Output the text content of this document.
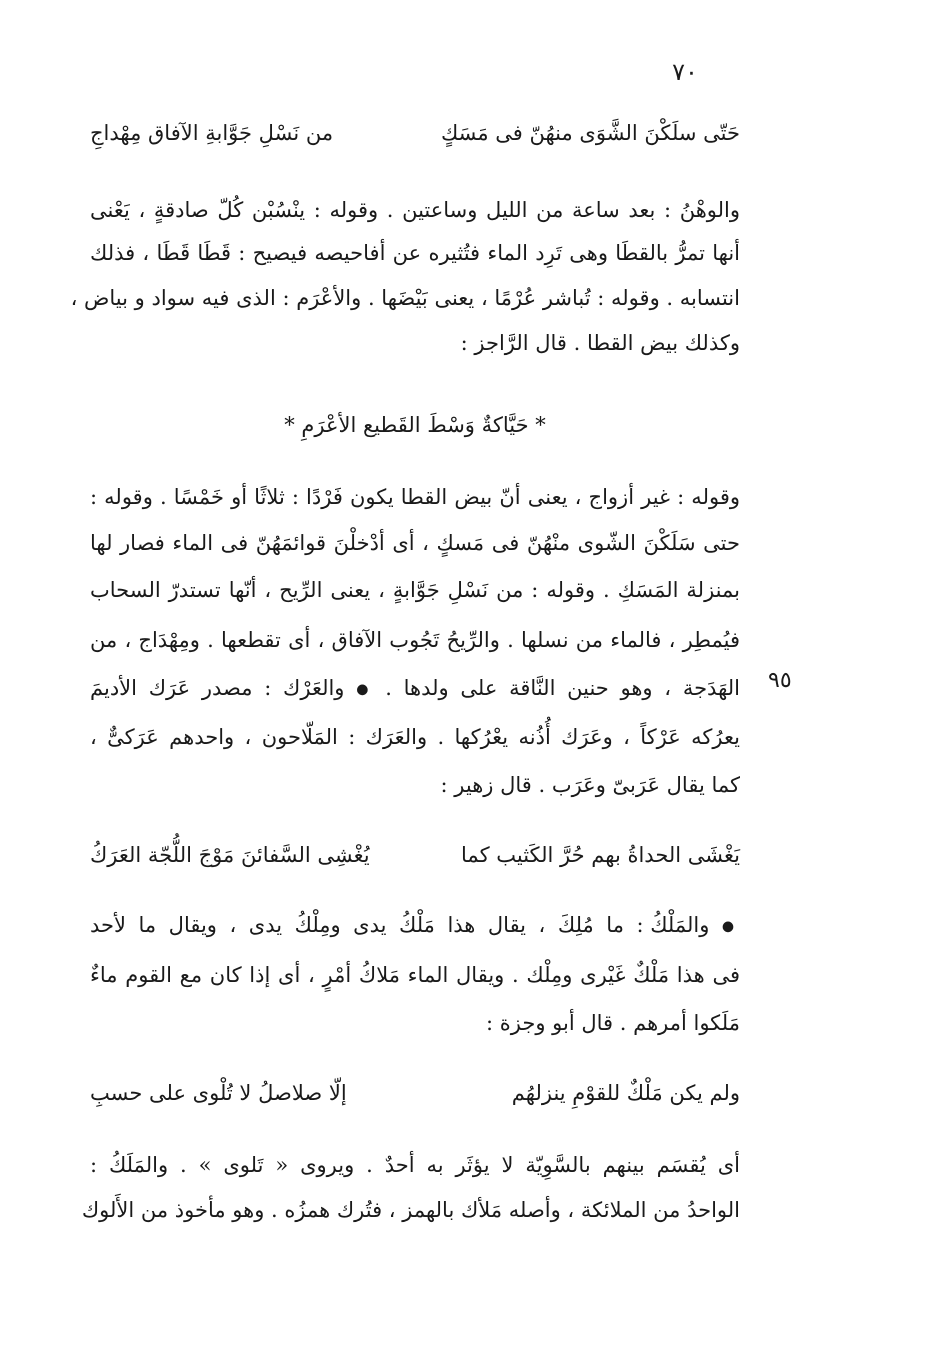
٧٠
حَتّى سلَكْنَ الشَّوَى منهُنّ فى مَسَكٍ
من نَسْلِ جَوَّابةِ الآفاق مِهْداجِ
والوهْنُ : بعد ساعة من الليل وساعتين . وقوله : ينْسُبْن كُلّ صادقةٍ ، يَعْنى
أنها تمرُّ بالقطَا وهى تَرِد الماء فتُثيره عن أفاحيصه فيصيح : قَطَا قَطَا ، فذلك
انتسابه . وقوله : تُباشر عُرْمًا ، يعنى بَيْضَها . والأعْرَم : الذى فيه سواد و بياض ،
وكذلك بيض القطا . قال الرَّاجز :
* حَيَّاكةٌ وَسْطَ القَطيع الأعْرَمِ *
وقوله : غير أزواج ، يعنى أنّ بيض القطا يكون فَرْدًا : ثلاثًا أو خَمْسًا . وقوله :
حتى سَلَكْنَ الشّوى منْهُنّ فى مَسكٍ ، أى أدْخلْنَ قوائمَهُنّ فى الماء فصار لها
بمنزلة المَسَكِ . وقوله : من نَسْلِ جَوَّابةٍ ، يعنى الرِّيح ، أنّها تستدرّ السحاب
فيُمطِر ، فالماء من نسلها . والرِّيحُ تَجُوب الآفاق ، أى تقطعها . ومِهْدَاج ، من
الهَدَجة ، وهو حنين النَّاقة على ولدها . ● والعَرْك : مصدر عَرَك الأديمَ	٩٥
يعرُكه عَرْكاً ، وعَرَك أُذُنه يعْرُكها . والعَرَك : المَلّاحون ، واحدهم عَرَكىٌّ ،
كما يقال عَرَبىّ وعَرَب . قال زهير :
يَغْشَى الحداةُ بهم حُرَّ الكَثيب كما
يُغْشِى السَّفائنَ مَوْجَ اللُّجّة العَرَكُ
● والمَلْكُ : ما مُلِكَ ، يقال هذا مَلْكُ يدى ومِلْكُ يدى ، ويقال ما لأحد
فى هذا مَلْكٌ غَيْرى ومِلْك . ويقال الماء مَلاكُ أمْرٍ ، أى إذا كان مع القوم ماءٌ
مَلَكوا أمرهم . قال أبو وجزة :
ولم يكن مَلْكٌ للقوْمِ ينزلهُم
إلّا صلاصلُ لا تُلْوى على حسبِ
أى يُقسَم بينهم بالسَّوِيّة لا يؤثَر به أحدٌ . ويروى « تَلوى » . والمَلَكُ :
الواحدُ من الملائكة ، وأصله مَلأك بالهمز ، فتُرك همزُه . وهو مأخوذ من الأَلوك
